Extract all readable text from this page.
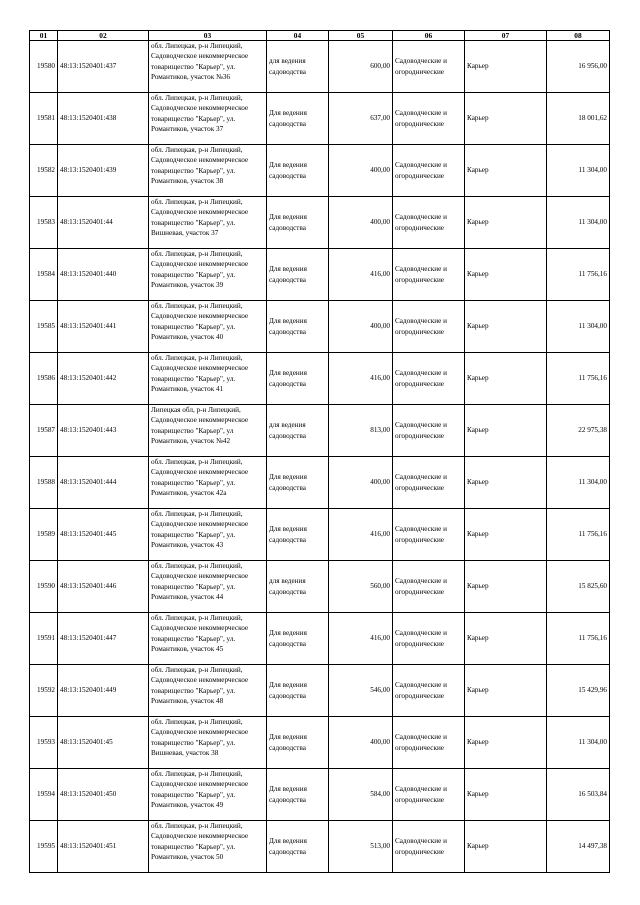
01	02	03	04	05	06	07	08
19580	48:13:1520401:437	обл. Липецкая, р-н Липецкий, Садоводческое некоммерческое товарищество "Карьер", ул. Романтиков, участок №36	для ведения садоводства	600,00	Садоводческие и огороднические	Карьер	16 956,00
19581	48:13:1520401:438	обл. Липецкая, р-н Липецкий, Садоводческое некоммерческое товарищество "Карьер", ул. Романтиков, участок 37	Для ведения садоводства	637,00	Садоводческие и огороднические	Карьер	18 001,62
19582	48:13:1520401:439	обл. Липецкая, р-н Липецкий, Садоводческое некоммерческое товарищество "Карьер", ул. Романтиков, участок 38	Для ведения садоводства	400,00	Садоводческие и огороднические	Карьер	11 304,00
19583	48:13:1520401:44	обл. Липецкая, р-н Липецкий, Садоводческое некоммерческое товарищество "Карьер", ул. Вишневая, участок 37	Для ведения садоводства	400,00	Садоводческие и огороднические	Карьер	11 304,00
19584	48:13:1520401:440	обл. Липецкая, р-н Липецкий, Садоводческое некоммерческое товарищество "Карьер", ул. Романтиков, участок 39	Для ведения садоводства	416,00	Садоводческие и огороднические	Карьер	11 756,16
19585	48:13:1520401:441	обл. Липецкая, р-н Липецкий, Садоводческое некоммерческое товарищество "Карьер", ул. Романтиков, участок 40	Для ведения садоводства	400,00	Садоводческие и огороднические	Карьер	11 304,00
19586	48:13:1520401:442	обл. Липецкая, р-н Липецкий, Садоводческое некоммерческое товарищество "Карьер", ул. Романтиков, участок 41	Для ведения садоводства	416,00	Садоводческие и огороднические	Карьер	11 756,16
19587	48:13:1520401:443	Липецкая обл, р-н Липецкий, Садоводческое некоммерческое товарищество "Карьер", ул Романтиков, участок №42	для ведения садоводства	813,00	Садоводческие и огороднические	Карьер	22 975,38
19588	48:13:1520401:444	обл. Липецкая, р-н Липецкий, Садоводческое некоммерческое товарищество "Карьер", ул. Романтиков, участок 42а	Для ведения садоводства	400,00	Садоводческие и огороднические	Карьер	11 304,00
19589	48:13:1520401:445	обл. Липецкая, р-н Липецкий, Садоводческое некоммерческое товарищество "Карьер", ул. Романтиков, участок 43	Для ведения садоводства	416,00	Садоводческие и огороднические	Карьер	11 756,16
19590	48:13:1520401:446	обл. Липецкая, р-н Липецкий, Садоводческое некоммерческое товарищество "Карьер", ул. Романтиков, участок 44	для ведения садоводства	560,00	Садоводческие и огороднические	Карьер	15 825,60
19591	48:13:1520401:447	обл. Липецкая, р-н Липецкий, Садоводческое некоммерческое товарищество "Карьер", ул. Романтиков, участок 45	Для ведения садоводства	416,00	Садоводческие и огороднические	Карьер	11 756,16
19592	48:13:1520401:449	обл. Липецкая, р-н Липецкий, Садоводческое некоммерческое товарищество "Карьер", ул. Романтиков, участок 48	Для ведения садоводства	546,00	Садоводческие и огороднические	Карьер	15 429,96
19593	48:13:1520401:45	обл. Липецкая, р-н Липецкий, Садоводческое некоммерческое товарищество "Карьер", ул. Вишневая, участок 38	Для ведения садоводства	400,00	Садоводческие и огороднические	Карьер	11 304,00
19594	48:13:1520401:450	обл. Липецкая, р-н Липецкий, Садоводческое некоммерческое товарищество "Карьер", ул. Романтиков, участок 49	Для ведения садоводства	584,00	Садоводческие и огороднические	Карьер	16 503,84
19595	48:13:1520401:451	обл. Липецкая, р-н Липецкий, Садоводческое некоммерческое товарищество "Карьер", ул. Романтиков, участок 50	Для ведения садоводства	513,00	Садоводческие и огороднические	Карьер	14 497,38
